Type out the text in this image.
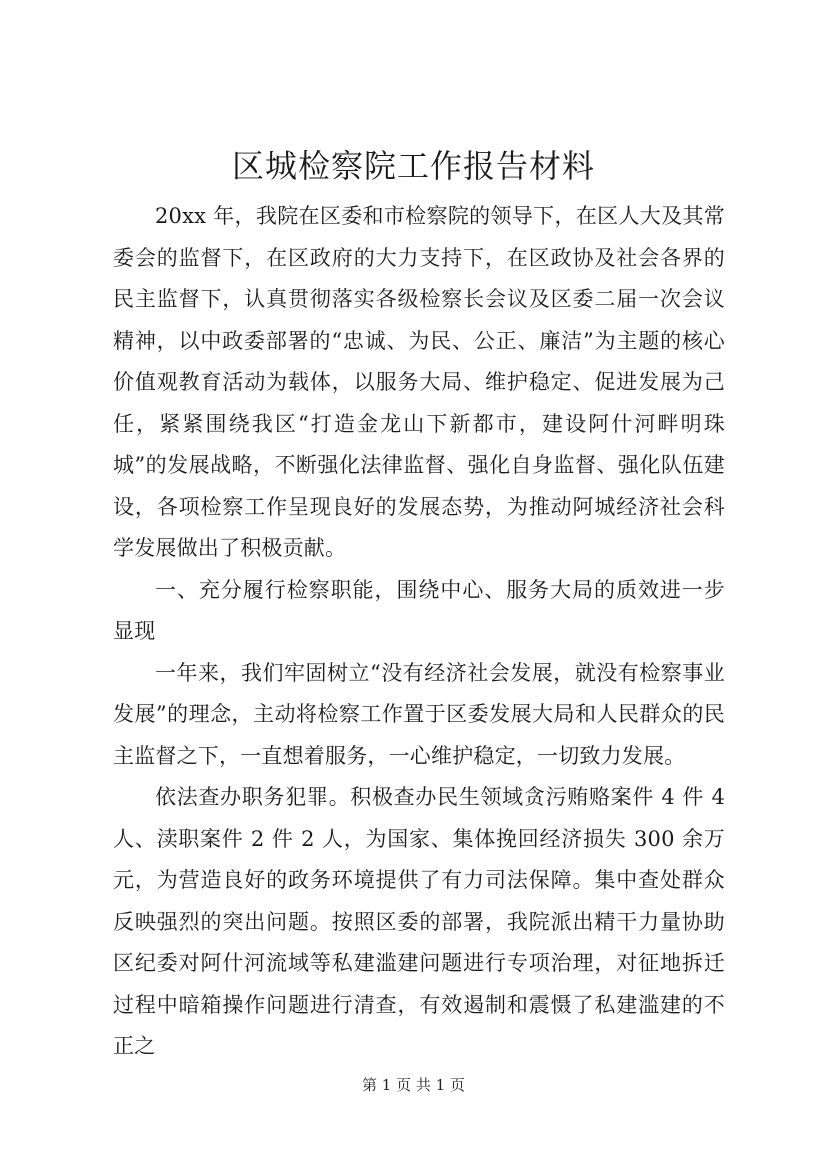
区城检察院工作报告材料

20xx 年，我院在区委和市检察院的领导下，在区人大及其常委会的监督下，在区政府的大力支持下，在区政协及社会各界的民主监督下，认真贯彻落实各级检察长会议及区委二届一次会议精神，以中政委部署的“忠诚、为民、公正、廉洁”为主题的核心价值观教育活动为载体，以服务大局、维护稳定、促进发展为己任，紧紧围绕我区“打造金龙山下新都市，建设阿什河畔明珠城”的发展战略，不断强化法律监督、强化自身监督、强化队伍建设，各项检察工作呈现良好的发展态势，为推动阿城经济社会科学发展做出了积极贡献。

一、充分履行检察职能，围绕中心、服务大局的质效进一步显现

一年来，我们牢固树立“没有经济社会发展，就没有检察事业发展”的理念，主动将检察工作置于区委发展大局和人民群众的民主监督之下，一直想着服务，一心维护稳定，一切致力发展。

依法查办职务犯罪。积极查办民生领域贪污贿赂案件 4 件 4 人、渎职案件 2 件 2 人，为国家、集体挽回经济损失 300 余万元，为营造良好的政务环境提供了有力司法保障。集中查处群众反映强烈的突出问题。按照区委的部署，我院派出精干力量协助区纪委对阿什河流域等私建滥建问题进行专项治理，对征地拆迁过程中暗箱操作问题进行清查，有效遏制和震慑了私建滥建的不正之

第 1 页 共 1 页
